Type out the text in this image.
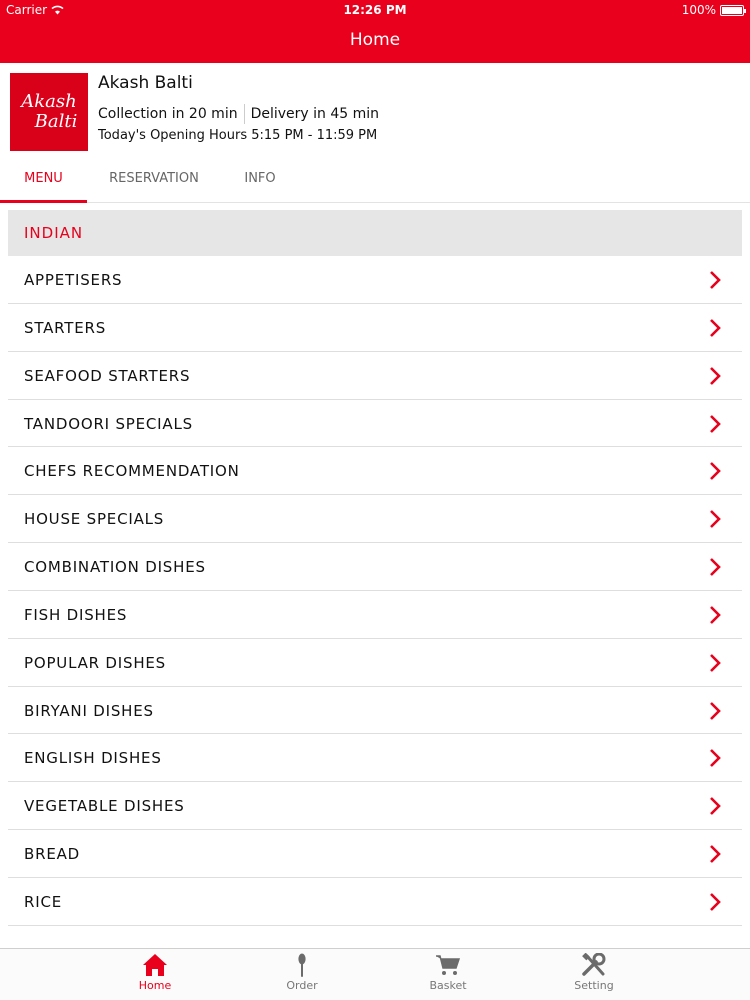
Carrier	12:26 PM	100%
Home
Akash
Balti
Akash Balti
Collection in 20 min Delivery in 45 min
Today's Opening Hours 5:15 PM - 11:59 PM
MENU	RESERVATION	INFO
INDIAN
APPETISERS
STARTERS
SEAFOOD STARTERS
TANDOORI SPECIALS
CHEFS RECOMMENDATION
HOUSE SPECIALS
COMBINATION DISHES
FISH DISHES
POPULAR DISHES
BIRYANI DISHES
ENGLISH DISHES
VEGETABLE DISHES
BREAD
RICE
Home	Order	Basket	Setting
